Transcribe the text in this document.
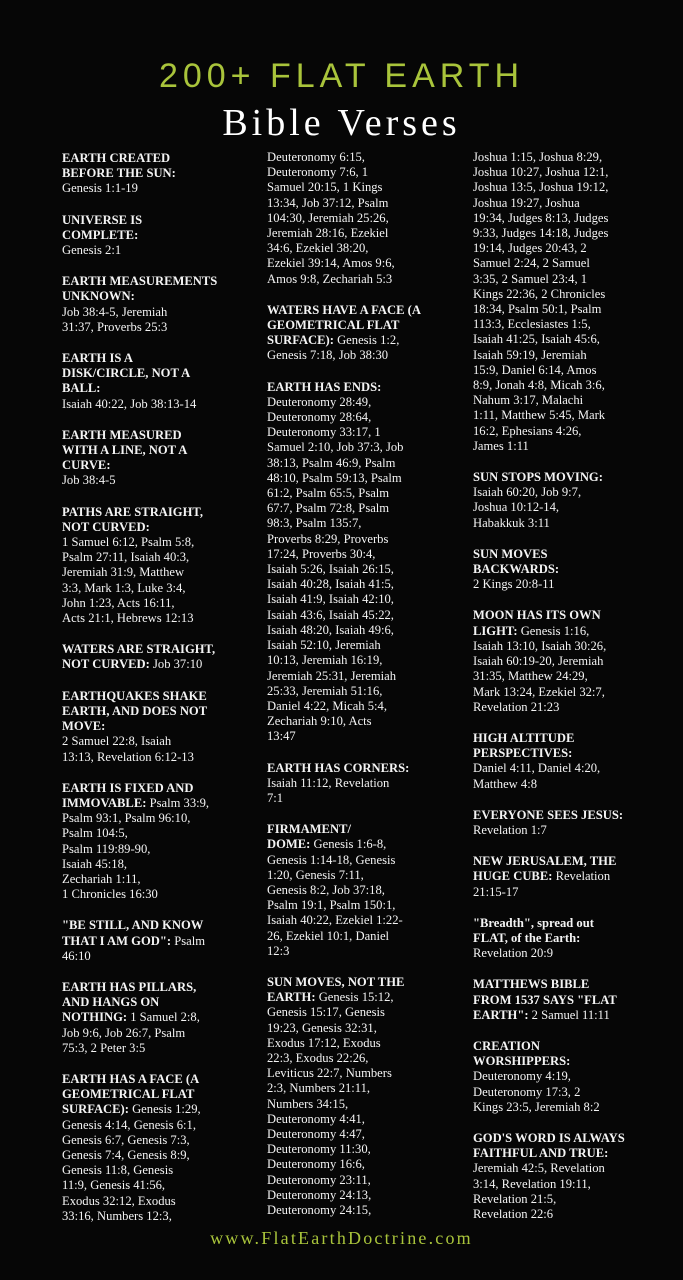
200+ FLAT EARTH
Bible Verses
EARTH CREATED
BEFORE THE SUN:
Genesis 1:1-19
UNIVERSE IS
COMPLETE:
Genesis 2:1
EARTH MEASUREMENTS
UNKNOWN:
Job 38:4-5, Jeremiah
31:37, Proverbs 25:3
EARTH IS A
DISK/CIRCLE, NOT A
BALL:
Isaiah 40:22, Job 38:13-14
EARTH MEASURED
WITH A LINE, NOT A
CURVE:
Job 38:4-5
PATHS ARE STRAIGHT,
NOT CURVED:
1 Samuel 6:12, Psalm 5:8,
Psalm 27:11, Isaiah 40:3,
Jeremiah 31:9, Matthew
3:3, Mark 1:3, Luke 3:4,
John 1:23, Acts 16:11,
Acts 21:1, Hebrews 12:13
WATERS ARE STRAIGHT,
NOT CURVED: Job 37:10
EARTHQUAKES SHAKE
EARTH, AND DOES NOT
MOVE:
2 Samuel 22:8, Isaiah
13:13, Revelation 6:12-13
EARTH IS FIXED AND
IMMOVABLE: Psalm 33:9,
Psalm 93:1, Psalm 96:10,
Psalm 104:5,
Psalm 119:89-90,
Isaiah 45:18,
Zechariah 1:11,
1 Chronicles 16:30
"BE STILL, AND KNOW
THAT I AM GOD": Psalm
46:10
EARTH HAS PILLARS,
AND HANGS ON
NOTHING: 1 Samuel 2:8,
Job 9:6, Job 26:7, Psalm
75:3, 2 Peter 3:5
EARTH HAS A FACE (A
GEOMETRICAL FLAT
SURFACE): Genesis 1:29,
Genesis 4:14, Genesis 6:1,
Genesis 6:7, Genesis 7:3,
Genesis 7:4, Genesis 8:9,
Genesis 11:8, Genesis
11:9, Genesis 41:56,
Exodus 32:12, Exodus
33:16, Numbers 12:3,
Deuteronomy 6:15,
Deuteronomy 7:6, 1
Samuel 20:15, 1 Kings
13:34, Job 37:12, Psalm
104:30, Jeremiah 25:26,
Jeremiah 28:16, Ezekiel
34:6, Ezekiel 38:20,
Ezekiel 39:14, Amos 9:6,
Amos 9:8, Zechariah 5:3
WATERS HAVE A FACE (A
GEOMETRICAL FLAT
SURFACE): Genesis 1:2,
Genesis 7:18, Job 38:30
EARTH HAS ENDS:
Deuteronomy 28:49,
Deuteronomy 28:64,
Deuteronomy 33:17, 1
Samuel 2:10, Job 37:3, Job
38:13, Psalm 46:9, Psalm
48:10, Psalm 59:13, Psalm
61:2, Psalm 65:5, Psalm
67:7, Psalm 72:8, Psalm
98:3, Psalm 135:7,
Proverbs 8:29, Proverbs
17:24, Proverbs 30:4,
Isaiah 5:26, Isaiah 26:15,
Isaiah 40:28, Isaiah 41:5,
Isaiah 41:9, Isaiah 42:10,
Isaiah 43:6, Isaiah 45:22,
Isaiah 48:20, Isaiah 49:6,
Isaiah 52:10, Jeremiah
10:13, Jeremiah 16:19,
Jeremiah 25:31, Jeremiah
25:33, Jeremiah 51:16,
Daniel 4:22, Micah 5:4,
Zechariah 9:10, Acts
13:47
EARTH HAS CORNERS:
Isaiah 11:12, Revelation
7:1
FIRMAMENT/
DOME: Genesis 1:6-8,
Genesis 1:14-18, Genesis
1:20, Genesis 7:11,
Genesis 8:2, Job 37:18,
Psalm 19:1, Psalm 150:1,
Isaiah 40:22, Ezekiel 1:22-
26, Ezekiel 10:1, Daniel
12:3
SUN MOVES, NOT THE
EARTH: Genesis 15:12,
Genesis 15:17, Genesis
19:23, Genesis 32:31,
Exodus 17:12, Exodus
22:3, Exodus 22:26,
Leviticus 22:7, Numbers
2:3, Numbers 21:11,
Numbers 34:15,
Deuteronomy 4:41,
Deuteronomy 4:47,
Deuteronomy 11:30,
Deuteronomy 16:6,
Deuteronomy 23:11,
Deuteronomy 24:13,
Deuteronomy 24:15,
Joshua 1:15, Joshua 8:29,
Joshua 10:27, Joshua 12:1,
Joshua 13:5, Joshua 19:12,
Joshua 19:27, Joshua
19:34, Judges 8:13, Judges
9:33, Judges 14:18, Judges
19:14, Judges 20:43, 2
Samuel 2:24, 2 Samuel
3:35, 2 Samuel 23:4, 1
Kings 22:36, 2 Chronicles
18:34, Psalm 50:1, Psalm
113:3, Ecclesiastes 1:5,
Isaiah 41:25, Isaiah 45:6,
Isaiah 59:19, Jeremiah
15:9, Daniel 6:14, Amos
8:9, Jonah 4:8, Micah 3:6,
Nahum 3:17, Malachi
1:11, Matthew 5:45, Mark
16:2, Ephesians 4:26,
James 1:11
SUN STOPS MOVING:
Isaiah 60:20, Job 9:7,
Joshua 10:12-14,
Habakkuk 3:11
SUN MOVES
BACKWARDS:
2 Kings 20:8-11
MOON HAS ITS OWN
LIGHT: Genesis 1:16,
Isaiah 13:10, Isaiah 30:26,
Isaiah 60:19-20, Jeremiah
31:35, Matthew 24:29,
Mark 13:24, Ezekiel 32:7,
Revelation 21:23
HIGH ALTITUDE
PERSPECTIVES:
Daniel 4:11, Daniel 4:20,
Matthew 4:8
EVERYONE SEES JESUS:
Revelation 1:7
NEW JERUSALEM, THE
HUGE CUBE: Revelation
21:15-17
"Breadth", spread out
FLAT, of the Earth:
Revelation 20:9
MATTHEWS BIBLE
FROM 1537 SAYS "FLAT
EARTH": 2 Samuel 11:11
CREATION
WORSHIPPERS:
Deuteronomy 4:19,
Deuteronomy 17:3, 2
Kings 23:5, Jeremiah 8:2
GOD'S WORD IS ALWAYS
FAITHFUL AND TRUE:
Jeremiah 42:5, Revelation
3:14, Revelation 19:11,
Revelation 21:5,
Revelation 22:6
www.FlatEarthDoctrine.com
